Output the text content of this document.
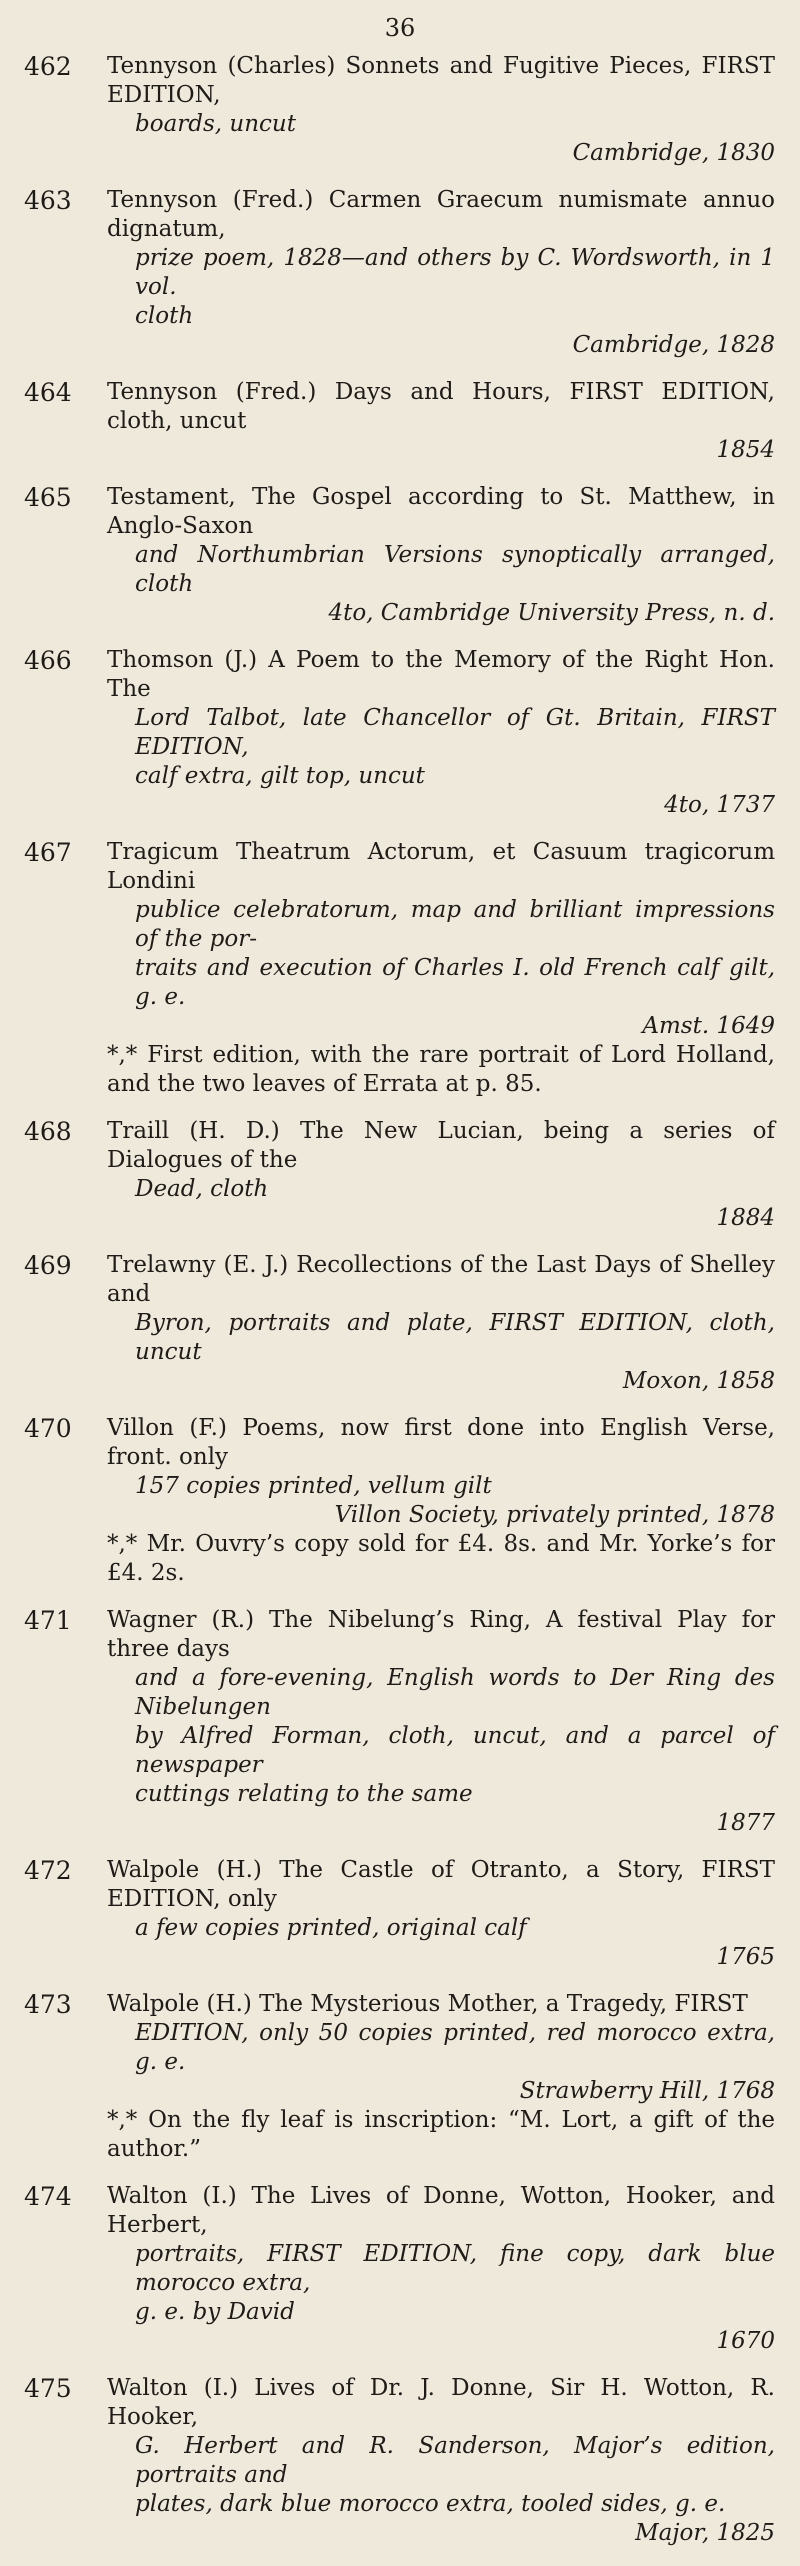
36
462 Tennyson (Charles) Sonnets and Fugitive Pieces, FIRST EDITION,
boards, uncut
Cambridge, 1830
463 Tennyson (Fred.) Carmen Graecum numismate annuo dignatum,
prize poem, 1828—and others by C. Wordsworth, in 1 vol.
cloth
Cambridge, 1828
464 Tennyson (Fred.) Days and Hours, FIRST EDITION, cloth, uncut
1854
465 Testament, The Gospel according to St. Matthew, in Anglo-Saxon
and Northumbrian Versions synoptically arranged, cloth
4to, Cambridge University Press, n. d.
466 Thomson (J.) A Poem to the Memory of the Right Hon. The
Lord Talbot, late Chancellor of Gt. Britain, FIRST EDITION,
calf extra, gilt top, uncut
4to, 1737
467 Tragicum Theatrum Actorum, et Casuum tragicorum Londini
publice celebratorum, map and brilliant impressions of the por-
traits and execution of Charles I. old French calf gilt, g. e.
Amst. 1649
*,* First edition, with the rare portrait of Lord Holland, and the two leaves of Errata at p. 85.
468 Traill (H. D.) The New Lucian, being a series of Dialogues of the
Dead, cloth
1884
469 Trelawny (E. J.) Recollections of the Last Days of Shelley and
Byron, portraits and plate, FIRST EDITION, cloth, uncut
Moxon, 1858
470 Villon (F.) Poems, now first done into English Verse, front. only
157 copies printed, vellum gilt
Villon Society, privately printed, 1878
*,* Mr. Ouvry’s copy sold for £4. 8s. and Mr. Yorke’s for £4. 2s.
471 Wagner (R.) The Nibelung’s Ring, A festival Play for three days
and a fore-evening, English words to Der Ring des Nibelungen
by Alfred Forman, cloth, uncut, and a parcel of newspaper
cuttings relating to the same
1877
472 Walpole (H.) The Castle of Otranto, a Story, FIRST EDITION, only
a few copies printed, original calf
1765
473 Walpole (H.) The Mysterious Mother, a Tragedy, FIRST
EDITION, only 50 copies printed, red morocco extra, g. e.
Strawberry Hill, 1768
*,* On the fly leaf is inscription: “M. Lort, a gift of the author.”
474 Walton (I.) The Lives of Donne, Wotton, Hooker, and Herbert,
portraits, FIRST EDITION, fine copy, dark blue morocco extra,
g. e. by David
1670
475 Walton (I.) Lives of Dr. J. Donne, Sir H. Wotton, R. Hooker,
G. Herbert and R. Sanderson, Major’s edition, portraits and
plates, dark blue morocco extra, tooled sides, g. e.
Major, 1825
